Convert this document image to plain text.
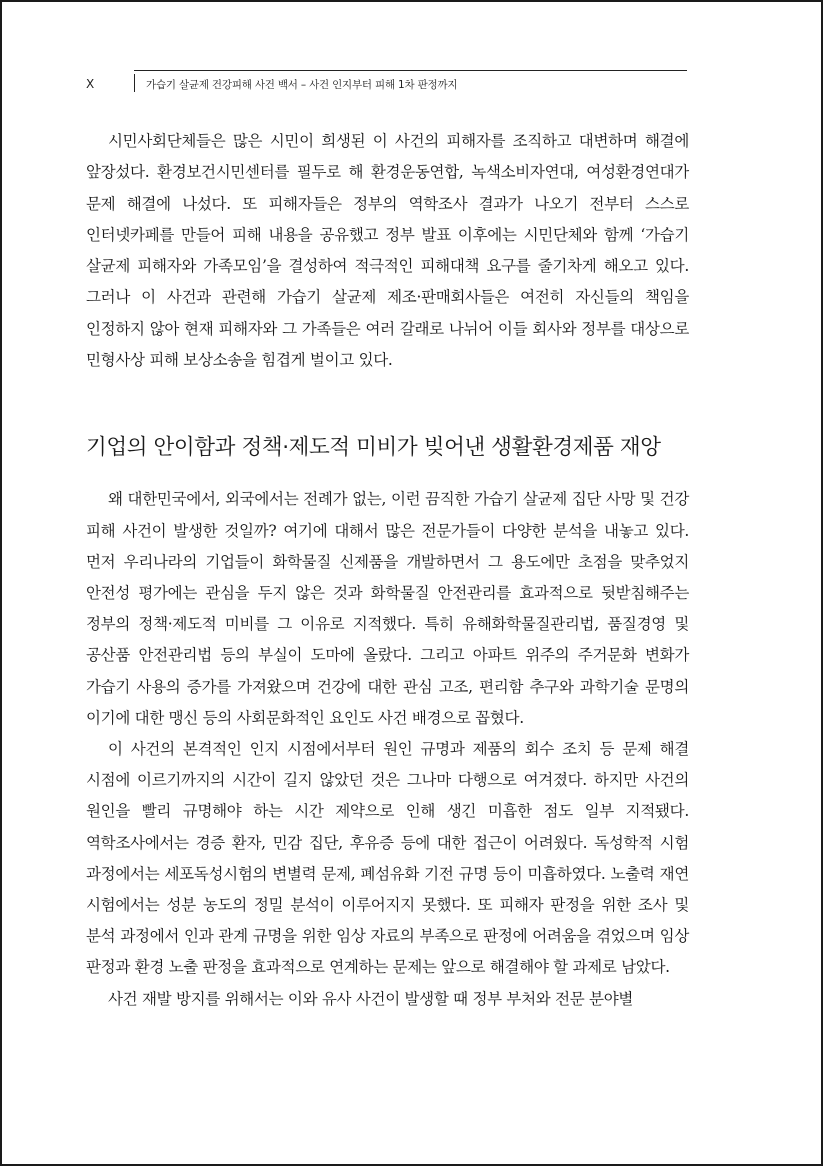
X	가습기 살균제 건강피해 사건 백서 – 사건 인지부터 피해 1차 판정까지

시민사회단체들은 많은 시민이 희생된 이 사건의 피해자를 조직하고 대변하며 해결에 앞장섰다. 환경보건시민센터를 필두로 해 환경운동연합, 녹색소비자연대, 여성환경연대가 문제 해결에 나섰다. 또 피해자들은 정부의 역학조사 결과가 나오기 전부터 스스로 인터넷카페를 만들어 피해 내용을 공유했고 정부 발표 이후에는 시민단체와 함께 ‘가습기 살균제 피해자와 가족모임’을 결성하여 적극적인 피해대책 요구를 줄기차게 해오고 있다. 그러나 이 사건과 관련해 가습기 살균제 제조·판매회사들은 여전히 자신들의 책임을 인정하지 않아 현재 피해자와 그 가족들은 여러 갈래로 나뉘어 이들 회사와 정부를 대상으로 민형사상 피해 보상소송을 힘겹게 벌이고 있다.

기업의 안이함과 정책·제도적 미비가 빚어낸 생활환경제품 재앙

왜 대한민국에서, 외국에서는 전례가 없는, 이런 끔직한 가습기 살균제 집단 사망 및 건강 피해 사건이 발생한 것일까? 여기에 대해서 많은 전문가들이 다양한 분석을 내놓고 있다. 먼저 우리나라의 기업들이 화학물질 신제품을 개발하면서 그 용도에만 초점을 맞추었지 안전성 평가에는 관심을 두지 않은 것과 화학물질 안전관리를 효과적으로 뒷받침해주는 정부의 정책·제도적 미비를 그 이유로 지적했다. 특히 유해화학물질관리법, 품질경영 및 공산품 안전관리법 등의 부실이 도마에 올랐다. 그리고 아파트 위주의 주거문화 변화가 가습기 사용의 증가를 가져왔으며 건강에 대한 관심 고조, 편리함 추구와 과학기술 문명의 이기에 대한 맹신 등의 사회문화적인 요인도 사건 배경으로 꼽혔다.

이 사건의 본격적인 인지 시점에서부터 원인 규명과 제품의 회수 조치 등 문제 해결 시점에 이르기까지의 시간이 길지 않았던 것은 그나마 다행으로 여겨졌다. 하지만 사건의 원인을 빨리 규명해야 하는 시간 제약으로 인해 생긴 미흡한 점도 일부 지적됐다. 역학조사에서는 경증 환자, 민감 집단, 후유증 등에 대한 접근이 어려웠다. 독성학적 시험 과정에서는 세포독성시험의 변별력 문제, 폐섬유화 기전 규명 등이 미흡하였다. 노출력 재연 시험에서는 성분 농도의 정밀 분석이 이루어지지 못했다. 또 피해자 판정을 위한 조사 및 분석 과정에서 인과 관계 규명을 위한 임상 자료의 부족으로 판정에 어려움을 겪었으며 임상 판정과 환경 노출 판정을 효과적으로 연계하는 문제는 앞으로 해결해야 할 과제로 남았다.

사건 재발 방지를 위해서는 이와 유사 사건이 발생할 때 정부 부처와 전문 분야별
